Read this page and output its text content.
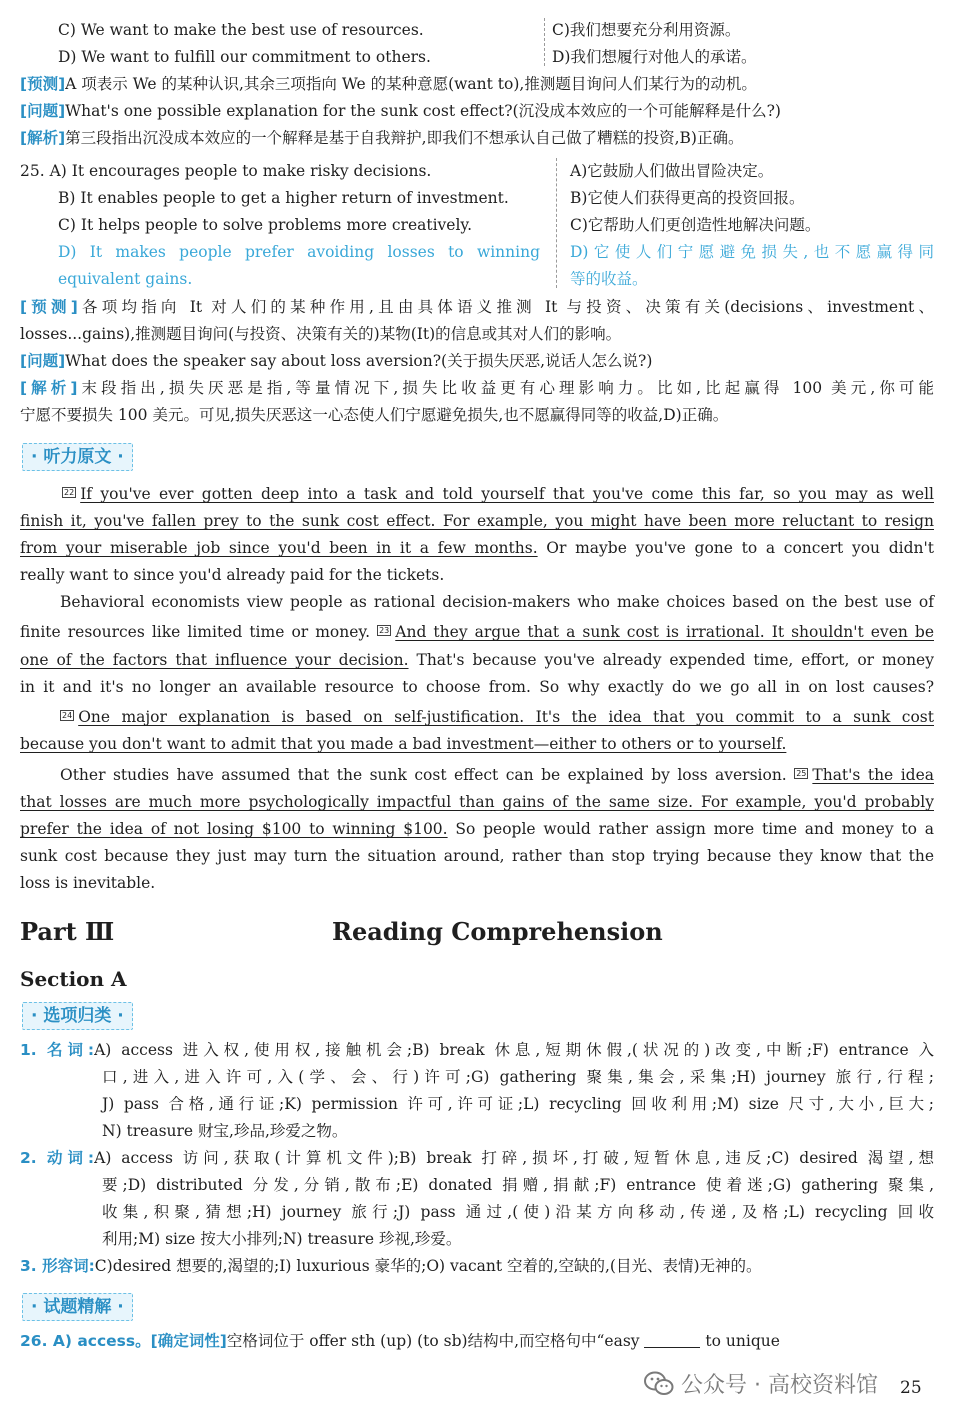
C) We want to make the best use of resources.
D) We want to fulfill our commitment to others.
C)我们想要充分利用资源。
D)我们想履行对他人的承诺。
[预测]A 项表示 We 的某种认识,其余三项指向 We 的某种意愿(want to),推测题目询问人们某行为的动机。
[问题]What's one possible explanation for the sunk cost effect?(沉没成本效应的一个可能解释是什么?)
[解析]第三段指出沉没成本效应的一个解释是基于自我辩护,即我们不想承认自己做了糟糕的投资,B)正确。
25. A) It encourages people to make risky decisions.
B) It enables people to get a higher return of investment.
C) It helps people to solve problems more creatively.
D) It makes people prefer avoiding losses to winning
equivalent gains.
A)它鼓励人们做出冒险决定。
B)它使人们获得更高的投资回报。
C)它帮助人们更创造性地解决问题。
D)它使人们宁愿避免损失,也不愿赢得同
等的收益。
[预测]各项均指向 It 对人们的某种作用,且由具体语义推测 It 与投资、决策有关(decisions、investment、
losses...gains),推测题目询问(与投资、决策有关的)某物(It)的信息或其对人们的影响。
[问题]What does the speaker say about loss aversion?(关于损失厌恶,说话人怎么说?)
[解析]末段指出,损失厌恶是指,等量情况下,损失比收益更有心理影响力。比如,比起赢得 100 美元,你可能
宁愿不要损失 100 美元。可见,损失厌恶这一心态使人们宁愿避免损失,也不愿赢得同等的收益,D)正确。
· 听力原文 ·
22 If you've ever gotten deep into a task and told yourself that you've come this far, so you may as well
finish it, you've fallen prey to the sunk cost effect. For example, you might have been more reluctant to resign
from your miserable job since you'd been in it a few months. Or maybe you've gone to a concert you didn't
really want to since you'd already paid for the tickets.
Behavioral economists view people as rational decision-makers who make choices based on the best use of
finite resources like limited time or money. 23 And they argue that a sunk cost is irrational. It shouldn't even be
one of the factors that influence your decision. That's because you've already expended time, effort, or money
in it and it's no longer an available resource to choose from. So why exactly do we go all in on lost causes?
24 One major explanation is based on self-justification. It's the idea that you commit to a sunk cost
because you don't want to admit that you made a bad investment—either to others or to yourself.
Other studies have assumed that the sunk cost effect can be explained by loss aversion. 25 That's the idea
that losses are much more psychologically impactful than gains of the same size. For example, you'd probably
prefer the idea of not losing $100 to winning $100. So people would rather assign more time and money to a
sunk cost because they just may turn the situation around, rather than stop trying because they know that the
loss is inevitable.
Part Ⅲ	Reading Comprehension
Section A
· 选项归类 ·
1. 名词:A) access 进入权,使用权,接触机会;B) break 休息,短期休假,(状况的)改变,中断;F) entrance 入
口,进入,进入许可,入(学、会、行)许可;G) gathering 聚集,集会,采集;H) journey 旅行,行程;
J) pass 合格,通行证;K) permission 许可,许可证;L) recycling 回收利用;M) size 尺寸,大小,巨大;
N) treasure 财宝,珍品,珍爱之物。
2. 动词:A) access 访问,获取(计算机文件);B) break 打碎,损坏,打破,短暂休息,违反;C) desired 渴望,想
要;D) distributed 分发,分销,散布;E) donated 捐赠,捐献;F) entrance 使着迷;G) gathering 聚集,
收集,积聚,猜想;H) journey 旅行;J) pass 通过,(使)沿某方向移动,传递,及格;L) recycling 回收
利用;M) size 按大小排列;N) treasure 珍视,珍爱。
3. 形容词:C)desired 想要的,渴望的;I) luxurious 豪华的;O) vacant 空着的,空缺的,(目光、表情)无神的。
· 试题精解 ·
26. A) access。[确定词性]空格词位于 offer sth (up) (to sb)结构中,而空格句中“easy	to unique
公众号 · 高校资料馆 25
